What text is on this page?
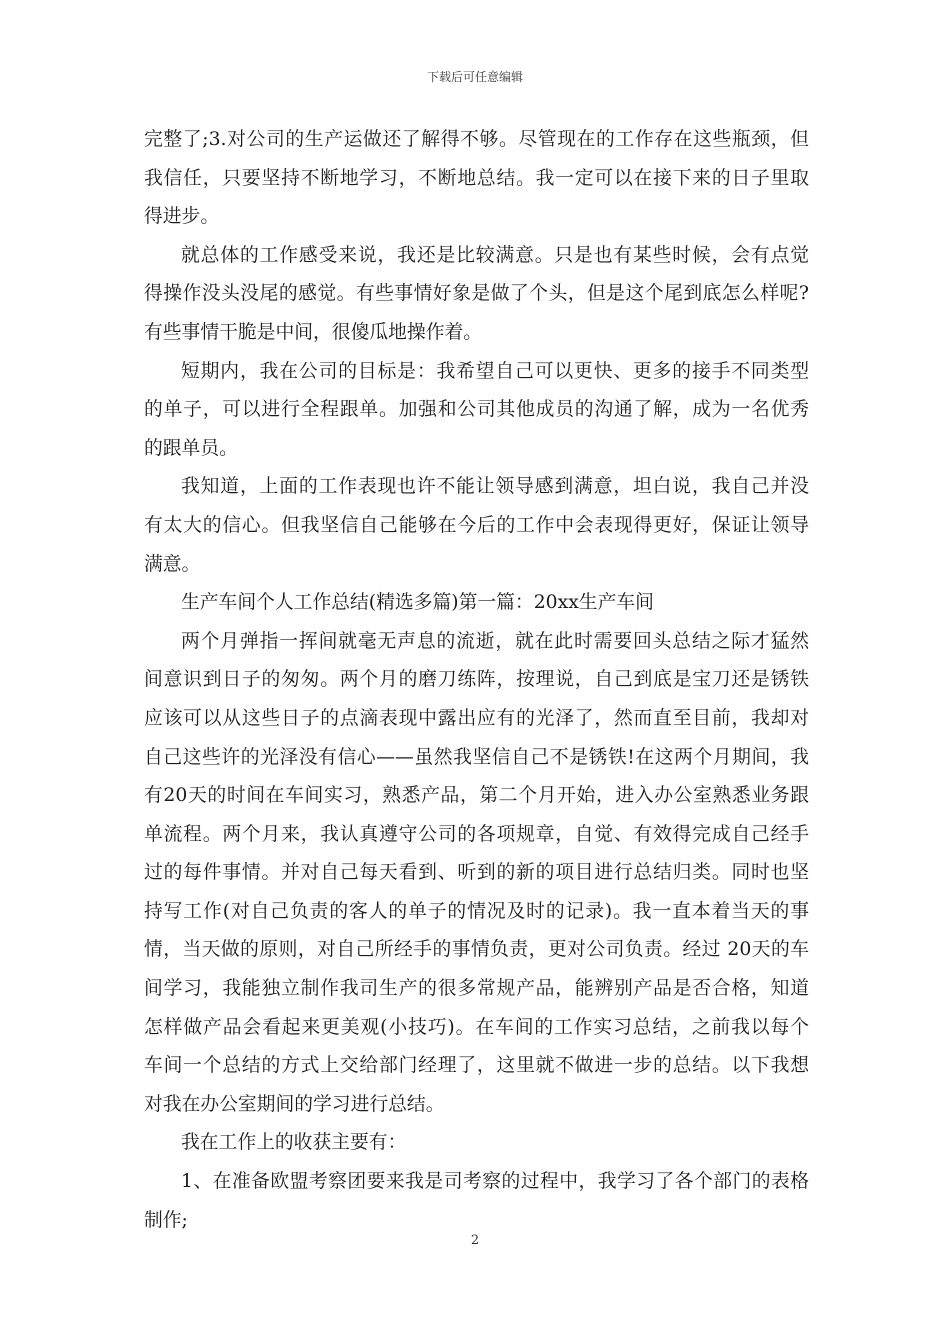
下载后可任意编辑
完整了;3.对公司的生产运做还了解得不够。尽管现在的工作存在这些瓶颈，但
我信任，只要坚持不断地学习，不断地总结。我一定可以在接下来的日子里取
得进步。
就总体的工作感受来说，我还是比较满意。只是也有某些时候，会有点觉
得操作没头没尾的感觉。有些事情好象是做了个头，但是这个尾到底怎么样呢?
有些事情干脆是中间，很傻瓜地操作着。
短期内，我在公司的目标是：我希望自己可以更快、更多的接手不同类型
的单子，可以进行全程跟单。加强和公司其他成员的沟通了解，成为一名优秀
的跟单员。
我知道，上面的工作表现也许不能让领导感到满意，坦白说，我自己并没
有太大的信心。但我坚信自己能够在今后的工作中会表现得更好，保证让领导
满意。
生产车间个人工作总结(精选多篇)第一篇：20xx生产车间
两个月弹指一挥间就毫无声息的流逝，就在此时需要回头总结之际才猛然
间意识到日子的匆匆。两个月的磨刀练阵，按理说，自己到底是宝刀还是锈铁
应该可以从这些日子的点滴表现中露出应有的光泽了，然而直至目前，我却对
自己这些许的光泽没有信心——虽然我坚信自己不是锈铁!在这两个月期间，我
有20天的时间在车间实习，熟悉产品，第二个月开始，进入办公室熟悉业务跟
单流程。两个月来，我认真遵守公司的各项规章，自觉、有效得完成自己经手
过的每件事情。并对自己每天看到、听到的新的项目进行总结归类。同时也坚
持写工作(对自己负责的客人的单子的情况及时的记录)。我一直本着当天的事
情，当天做的原则，对自己所经手的事情负责，更对公司负责。经过 20天的车
间学习，我能独立制作我司生产的很多常规产品，能辨别产品是否合格，知道
怎样做产品会看起来更美观(小技巧)。在车间的工作实习总结，之前我以每个
车间一个总结的方式上交给部门经理了，这里就不做进一步的总结。以下我想
对我在办公室期间的学习进行总结。
我在工作上的收获主要有：
1、在准备欧盟考察团要来我是司考察的过程中，我学习了各个部门的表格
制作;
2
